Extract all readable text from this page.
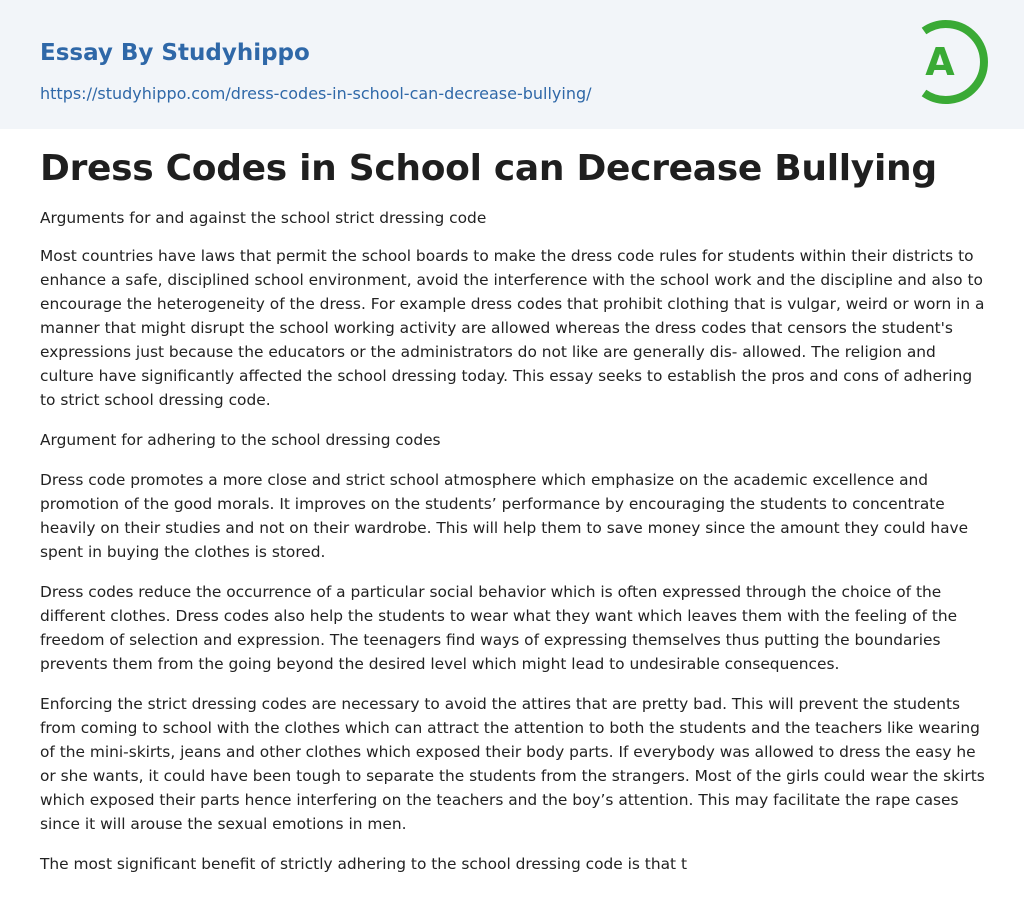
Essay By Studyhippo
https://studyhippo.com/dress-codes-in-school-can-decrease-bullying/
A
Dress Codes in School can Decrease Bullying

Arguments for and against the school strict dressing code

Most countries have laws that permit the school boards to make the dress code rules for students within their districts to enhance a safe, disciplined school environment, avoid the interference with the school work and the discipline and also to encourage the heterogeneity of the dress. For example dress codes that prohibit clothing that is vulgar, weird or worn in a manner that might disrupt the school working activity are allowed whereas the dress codes that censors the student's expressions just because the educators or the administrators do not like are generally dis- allowed. The religion and culture have significantly affected the school dressing today. This essay seeks to establish the pros and cons of adhering to strict school dressing code.

Argument for adhering to the school dressing codes

Dress code promotes a more close and strict school atmosphere which emphasize on the academic excellence and promotion of the good morals. It improves on the students’ performance by encouraging the students to concentrate heavily on their studies and not on their wardrobe. This will help them to save money since the amount they could have spent in buying the clothes is stored.

Dress codes reduce the occurrence of a particular social behavior which is often expressed through the choice of the different clothes. Dress codes also help the students to wear what they want which leaves them with the feeling of the freedom of selection and expression. The teenagers find ways of expressing themselves thus putting the boundaries prevents them from the going beyond the desired level which might lead to undesirable consequences.

Enforcing the strict dressing codes are necessary to avoid the attires that are pretty bad. This will prevent the students from coming to school with the clothes which can attract the attention to both the students and the teachers like wearing of the mini-skirts, jeans and other clothes which exposed their body parts. If everybody was allowed to dress the easy he or she wants, it could have been tough to separate the students from the strangers. Most of the girls could wear the skirts which exposed their parts hence interfering on the teachers and the boy’s attention. This may facilitate the rape cases since it will arouse the sexual emotions in men.

The most significant benefit of strictly adhering to the school dressing code is that t
